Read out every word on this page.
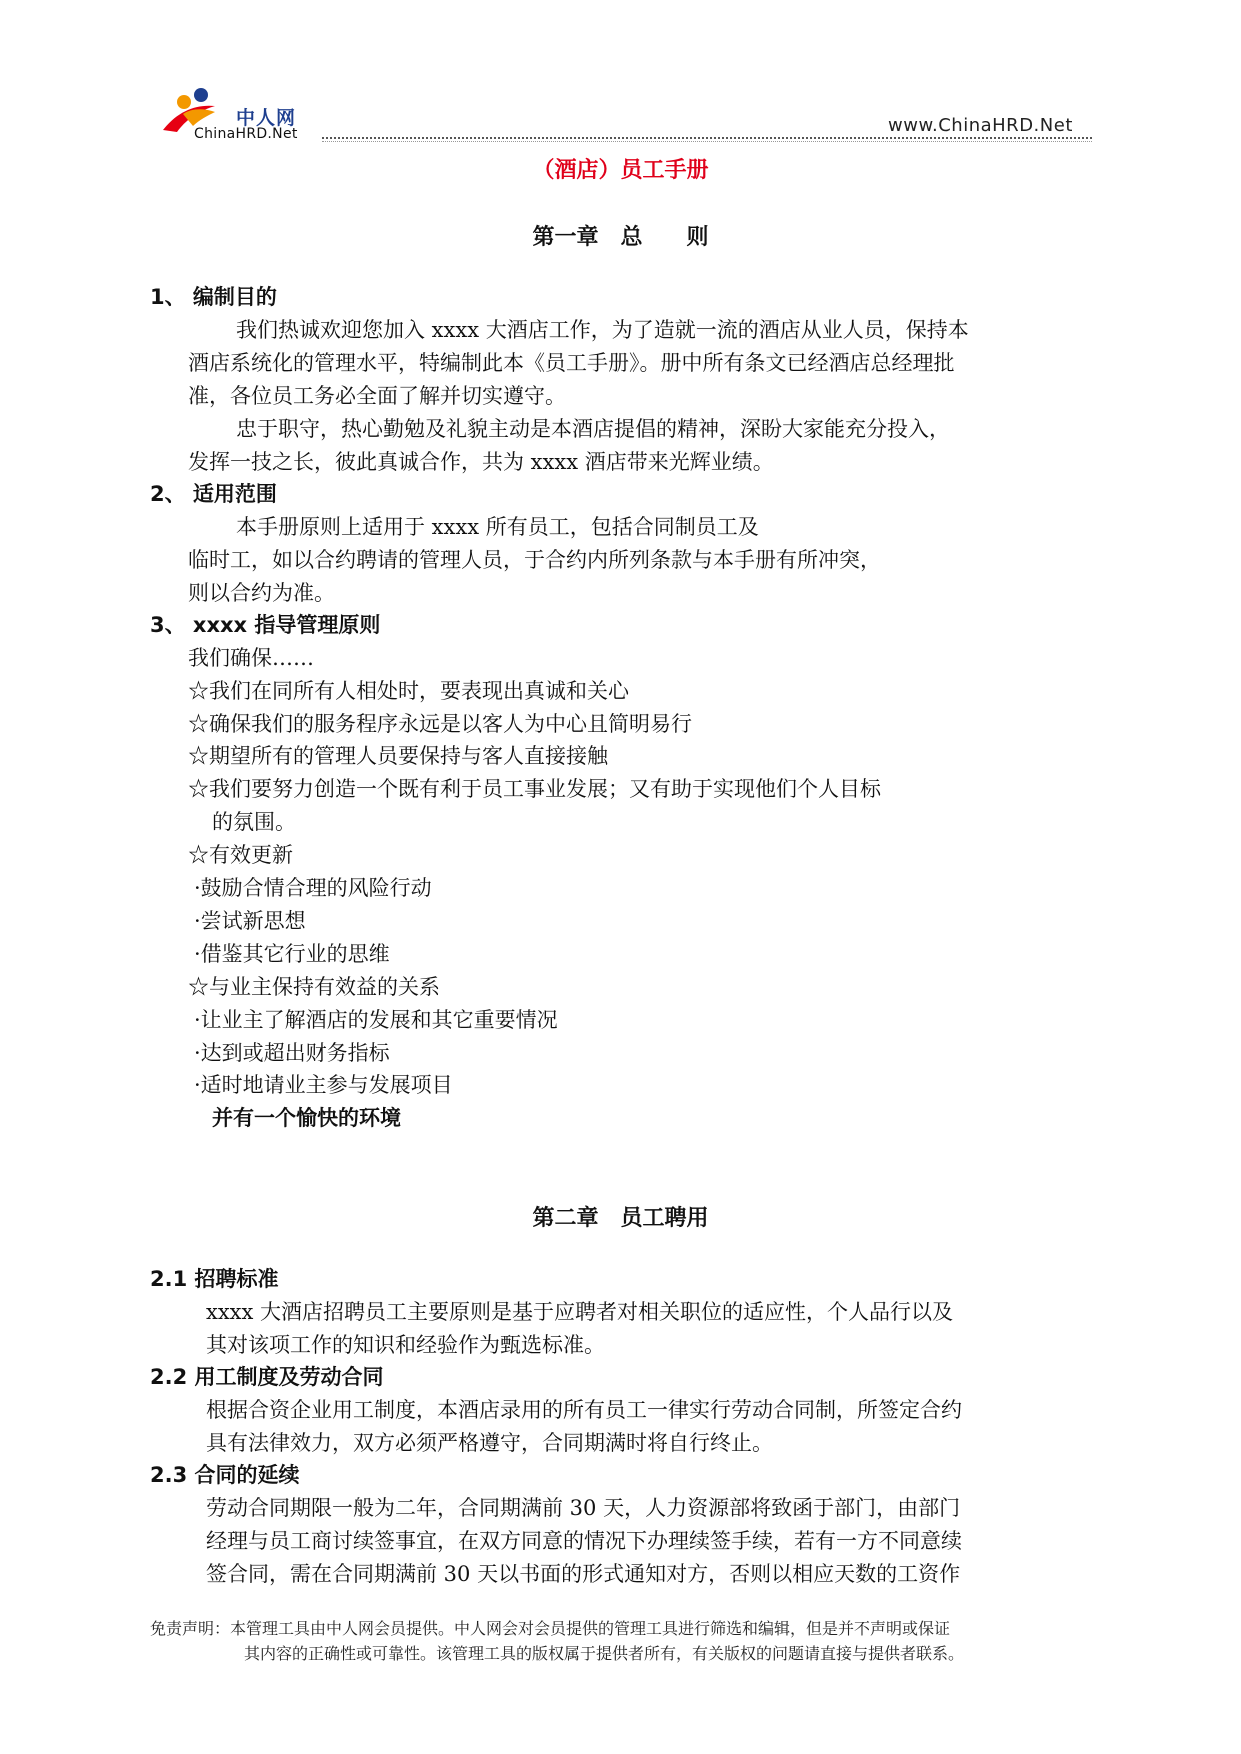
中人网
ChinaHRD.Net	www.ChinaHRD.Net
（酒店）员工手册
第一章　总　　则
1、 编制目的
我们热诚欢迎您加入 xxxx 大酒店工作，为了造就一流的酒店从业人员，保持本
酒店系统化的管理水平，特编制此本《员工手册》。册中所有条文已经酒店总经理批
准，各位员工务必全面了解并切实遵守。
忠于职守，热心勤勉及礼貌主动是本酒店提倡的精神，深盼大家能充分投入，
发挥一技之长，彼此真诚合作，共为 xxxx 酒店带来光辉业绩。
2、 适用范围
本手册原则上适用于 xxxx 所有员工，包括合同制员工及
临时工，如以合约聘请的管理人员，于合约内所列条款与本手册有所冲突，
则以合约为准。
3、 xxxx 指导管理原则
我们确保……
☆我们在同所有人相处时，要表现出真诚和关心
☆确保我们的服务程序永远是以客人为中心且简明易行
☆期望所有的管理人员要保持与客人直接接触
☆我们要努力创造一个既有利于员工事业发展；又有助于实现他们个人目标
的氛围。
☆有效更新
·鼓励合情合理的风险行动
·尝试新思想
·借鉴其它行业的思维
☆与业主保持有效益的关系
·让业主了解酒店的发展和其它重要情况
·达到或超出财务指标
·适时地请业主参与发展项目
并有一个愉快的环境
第二章　员工聘用
2.1 招聘标准
xxxx 大酒店招聘员工主要原则是基于应聘者对相关职位的适应性，个人品行以及
其对该项工作的知识和经验作为甄选标准。
2.2 用工制度及劳动合同
根据合资企业用工制度，本酒店录用的所有员工一律实行劳动合同制，所签定合约
具有法律效力，双方必须严格遵守，合同期满时将自行终止。
2.3 合同的延续
劳动合同期限一般为二年，合同期满前 30 天，人力资源部将致函于部门，由部门
经理与员工商讨续签事宜，在双方同意的情况下办理续签手续，若有一方不同意续
签合同，需在合同期满前 30 天以书面的形式通知对方，否则以相应天数的工资作
免责声明：本管理工具由中人网会员提供。中人网会对会员提供的管理工具进行筛选和编辑，但是并不声明或保证
其内容的正确性或可靠性。该管理工具的版权属于提供者所有，有关版权的问题请直接与提供者联系。
